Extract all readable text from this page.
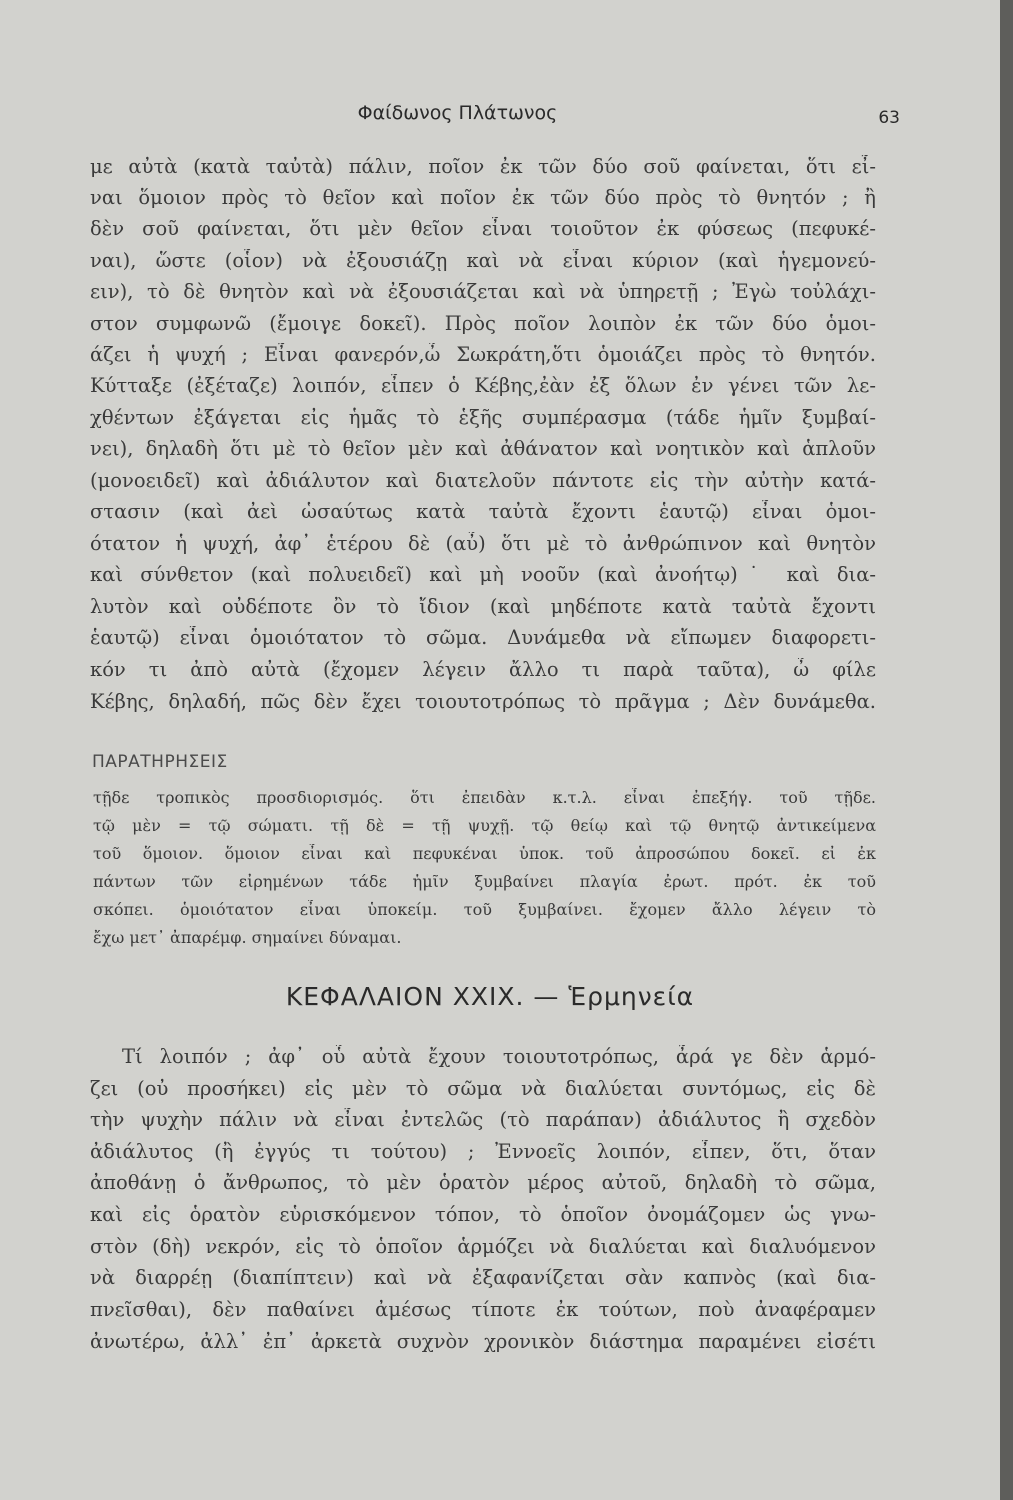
Φαίδωνος Πλάτωνος	63
με αὐτὰ (κατὰ ταὐτὰ) πάλιν, ποῖον ἐκ τῶν δύο σοῦ φαίνεται, ὅτι εἶ-
ναι ὅμοιον πρὸς τὸ θεῖον καὶ ποῖον ἐκ τῶν δύο πρὸς τὸ θνητόν ; ἢ
δὲν σοῦ φαίνεται, ὅτι μὲν θεῖον εἶναι τοιοῦτον ἐκ φύσεως (πεφυκέ-
ναι), ὥστε (οἷον) νὰ ἐξουσιάζῃ καὶ νὰ εἶναι κύριον (καὶ ἡγεμονεύ-
ειν), τὸ δὲ θνητὸν καὶ νὰ ἐξουσιάζεται καὶ νὰ ὑπηρετῇ ; Ἐγὼ τοὐλάχι-
στον συμφωνῶ (ἔμοιγε δοκεῖ). Πρὸς ποῖον λοιπὸν ἐκ τῶν δύο ὁμοι-
άζει ἡ ψυχή ; Εἶναι φανερόν,ὦ Σωκράτη,ὅτι ὁμοιάζει πρὸς τὸ θνητόν.
Κύτταξε (ἐξέταζε) λοιπόν, εἶπεν ὁ Κέβης,ἐὰν ἐξ ὅλων ἐν γένει τῶν λε-
χθέντων ἐξάγεται εἰς ἡμᾶς τὸ ἑξῆς συμπέρασμα (τάδε ἡμῖν ξυμβαί-
νει), δηλαδὴ ὅτι μὲ τὸ θεῖον μὲν καὶ ἀθάνατον καὶ νοητικὸν καὶ ἁπλοῦν
(μονοειδεῖ) καὶ ἀδιάλυτον καὶ διατελοῦν πάντοτε εἰς τὴν αὐτὴν κατά-
στασιν (καὶ ἀεὶ ὡσαύτως κατὰ ταὐτὰ ἔχοντι ἑαυτῷ) εἶναι ὁμοι-
ότατον ἡ ψυχή, ἀφ᾽ ἑτέρου δὲ (αὖ) ὅτι μὲ τὸ ἀνθρώπινον καὶ θνητὸν
καὶ σύνθετον (καὶ πολυειδεῖ) καὶ μὴ νοοῦν (καὶ ἀνοήτῳ)˙ καὶ δια-
λυτὸν καὶ οὐδέποτε ὂν τὸ ἴδιον (καὶ μηδέποτε κατὰ ταὐτὰ ἔχοντι
ἑαυτῷ) εἶναι ὁμοιότατον τὸ σῶμα. Δυνάμεθα νὰ εἴπωμεν διαφορετι-
κόν τι ἀπὸ αὐτὰ (ἔχομεν λέγειν ἄλλο τι παρὰ ταῦτα), ὦ φίλε
Κέβης, δηλαδή, πῶς δὲν ἔχει τοιουτοτρόπως τὸ πρᾶγμα ; Δὲν δυνάμεθα.
ΠΑΡΑΤΗΡΗΣΕΙΣ
τῇδε τροπικὸς προσδιορισμός. ὅτι ἐπειδὰν κ.τ.λ. εἶναι ἐπεξήγ. τοῦ τῇδε.
τῷ μὲν = τῷ σώματι. τῇ δὲ = τῇ ψυχῇ. τῷ θείῳ καὶ τῷ θνητῷ ἀντικείμενα
τοῦ ὅμοιον. ὅμοιον εἶναι καὶ πεφυκέναι ὑποκ. τοῦ ἀπροσώπου δοκεῖ. εἰ ἐκ
πάντων τῶν εἰρημένων τάδε ἡμῖν ξυμβαίνει πλαγία ἐρωτ. πρότ. ἐκ τοῦ
σκόπει. ὁμοιότατον εἶναι ὑποκείμ. τοῦ ξυμβαίνει. ἔχομεν ἄλλο λέγειν τὸ
ἔχω μετ᾽ ἀπαρέμφ. σημαίνει δύναμαι.
ΚΕΦΑΛΑΙΟΝ XXIX. — Ἑρμηνεία
Τί λοιπόν ; ἀφ᾽ οὗ αὐτὰ ἔχουν τοιουτοτρόπως, ἆρά γε δὲν ἁρμό-
ζει (οὐ προσήκει) εἰς μὲν τὸ σῶμα νὰ διαλύεται συντόμως, εἰς δὲ
τὴν ψυχὴν πάλιν νὰ εἶναι ἐντελῶς (τὸ παράπαν) ἀδιάλυτος ἢ σχεδὸν
ἀδιάλυτος (ἢ ἐγγύς τι τούτου) ; Ἐννοεῖς λοιπόν, εἶπεν, ὅτι, ὅταν
ἀποθάνῃ ὁ ἄνθρωπος, τὸ μὲν ὁρατὸν μέρος αὐτοῦ, δηλαδὴ τὸ σῶμα,
καὶ εἰς ὁρατὸν εὑρισκόμενον τόπον, τὸ ὁποῖον ὀνομάζομεν ὡς γνω-
στὸν (δὴ) νεκρόν, εἰς τὸ ὁποῖον ἁρμόζει νὰ διαλύεται καὶ διαλυόμενον
νὰ διαρρέῃ (διαπίπτειν) καὶ νὰ ἐξαφανίζεται σὰν καπνὸς (καὶ δια-
πνεῖσθαι), δὲν παθαίνει ἀμέσως τίποτε ἐκ τούτων, ποὺ ἀναφέραμεν
ἀνωτέρω, ἀλλ᾽ ἐπ᾽ ἀρκετὰ συχνὸν χρονικὸν διάστημα παραμένει εἰσέτι
